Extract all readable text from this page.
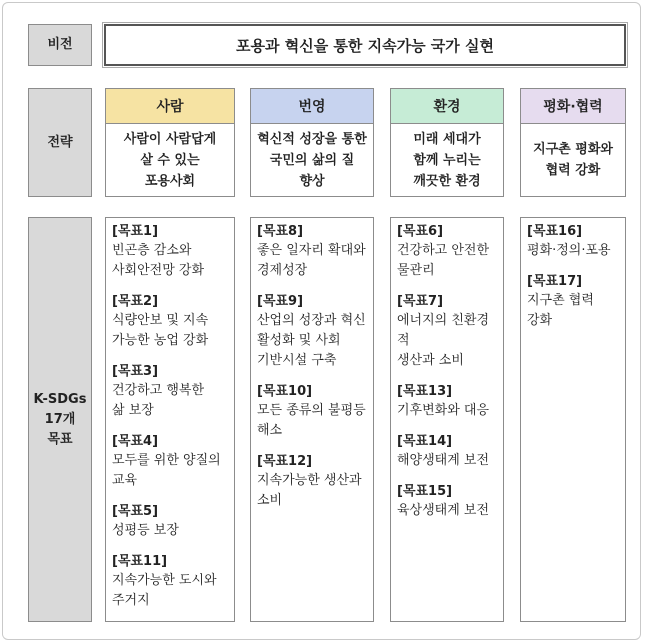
비전
전략
K-SDGs
17개
목표
포용과 혁신을 통한 지속가능 국가 실현
사람
사람이 사람답게
살 수 있는
포용사회
[목표1]
빈곤층 감소와
사회안전망 강화
[목표2]
식량안보 및 지속
가능한 농업 강화
[목표3]
건강하고 행복한
삶 보장
[목표4]
모두를 위한 양질의
교육
[목표5]
성평등 보장
[목표11]
지속가능한 도시와
주거지
번영
혁신적 성장을 통한
국민의 삶의 질
향상
[목표8]
좋은 일자리 확대와
경제성장
[목표9]
산업의 성장과 혁신
활성화 및 사회
기반시설 구축
[목표10]
모든 종류의 불평등
해소
[목표12]
지속가능한 생산과
소비
환경
미래 세대가
함께 누리는
깨끗한 환경
[목표6]
건강하고 안전한
물관리
[목표7]
에너지의 친환경적
생산과 소비
[목표13]
기후변화와 대응
[목표14]
해양생태계 보전
[목표15]
육상생태계 보전
평화·협력
지구촌 평화와
협력 강화
[목표16]
평화·정의·포용
[목표17]
지구촌 협력
강화
